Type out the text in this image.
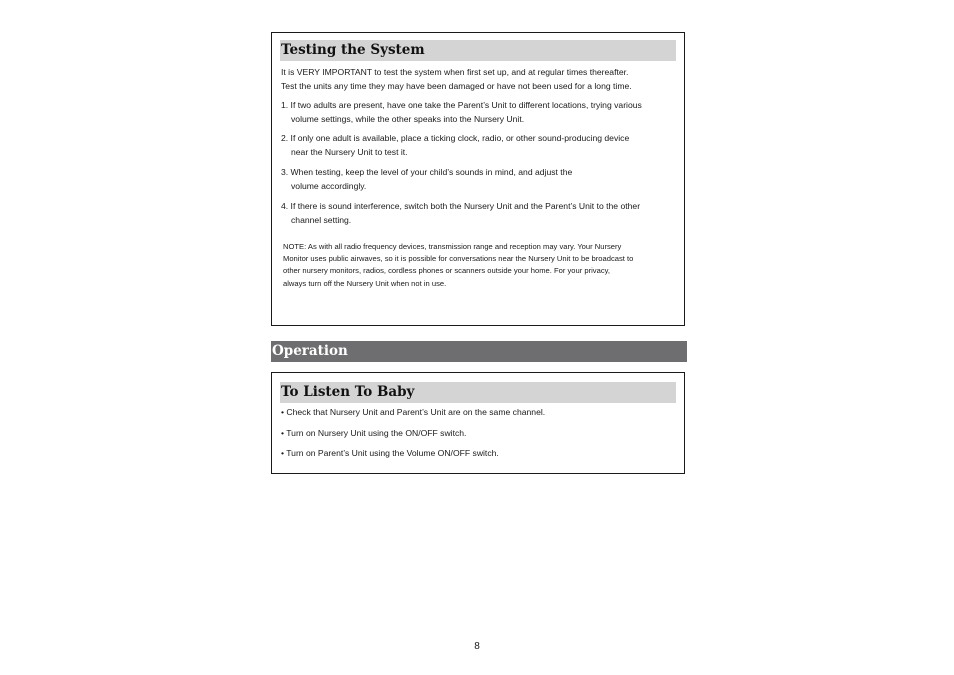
Testing the System
It is VERY IMPORTANT to test the system when first set up, and at regular times thereafter.
Test the units any time they may have been damaged or have not been used for a long time.
1. If two adults are present, have one take the Parent’s Unit to different locations, trying various
volume settings, while the other speaks into the Nursery Unit.
2. If only one adult is available, place a ticking clock, radio, or other sound-producing device
near the Nursery Unit to test it.
3. When testing, keep the level of your child’s sounds in mind, and adjust the
volume accordingly.
4. If there is sound interference, switch both the Nursery Unit and the Parent’s Unit to the other
channel setting.
NOTE: As with all radio frequency devices, transmission range and reception may vary. Your Nursery
Monitor uses public airwaves, so it is possible for conversations near the Nursery Unit to be broadcast to
other nursery monitors, radios, cordless phones or scanners outside your home. For your privacy,
always turn off the Nursery Unit when not in use.
Operation
To Listen To Baby
• Check that Nursery Unit and Parent’s Unit are on the same channel.
• Turn on Nursery Unit using the ON/OFF switch.
• Turn on Parent’s Unit using the Volume ON/OFF switch.
8
